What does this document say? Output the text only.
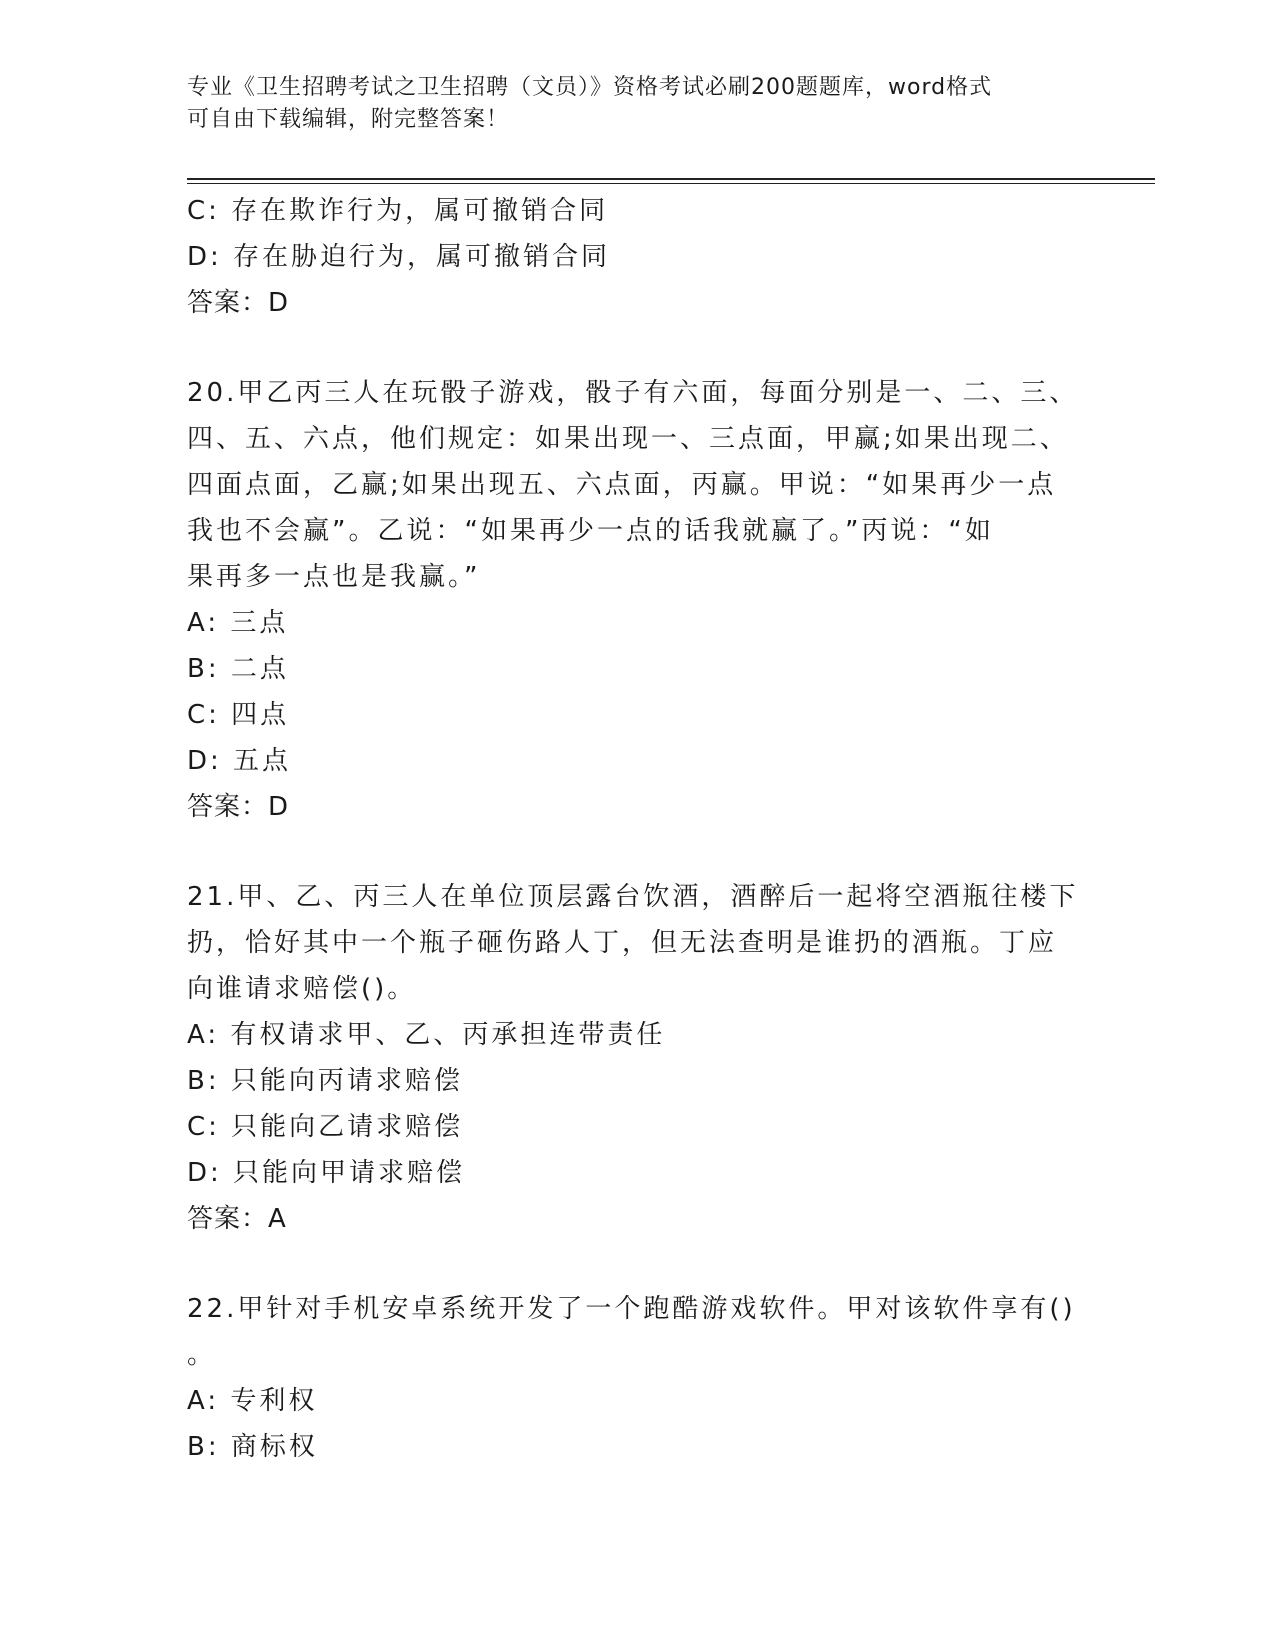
专业《卫生招聘考试之卫生招聘（文员）》资格考试必刷200题题库，word格式
可自由下载编辑，附完整答案！
C: 存在欺诈行为，属可撤销合同
D: 存在胁迫行为，属可撤销合同
答案：D
20.甲乙丙三人在玩骰子游戏，骰子有六面，每面分别是一、二、三、
四、五、六点，他们规定：如果出现一、三点面，甲赢;如果出现二、
四面点面，乙赢;如果出现五、六点面，丙赢。甲说：“如果再少一点
我也不会赢”。乙说：“如果再少一点的话我就赢了。”丙说：“如
果再多一点也是我赢。”
A: 三点
B: 二点
C: 四点
D: 五点
答案：D
21.甲、乙、丙三人在单位顶层露台饮酒，酒醉后一起将空酒瓶往楼下
扔，恰好其中一个瓶子砸伤路人丁，但无法查明是谁扔的酒瓶。丁应
向谁请求赔偿()。
A: 有权请求甲、乙、丙承担连带责任
B: 只能向丙请求赔偿
C: 只能向乙请求赔偿
D: 只能向甲请求赔偿
答案：A
22.甲针对手机安卓系统开发了一个跑酷游戏软件。甲对该软件享有()
。
A: 专利权
B: 商标权
